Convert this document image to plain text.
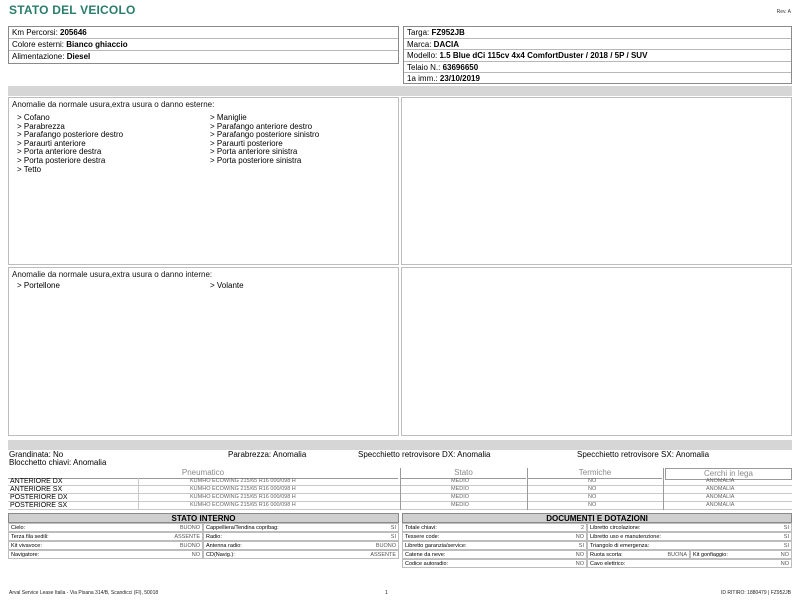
STATO DEL VEICOLO	Rev. A
Km Percorsi: 205646
Colore esterni: Bianco ghiaccio
Alimentazione: Diesel
Targa: FZ952JB
Marca: DACIA
Modello: 1.5 Blue dCi 115cv 4x4 ComfortDuster / 2018 / 5P / SUV
Telaio N.: 63696650
1a imm.: 23/10/2019
Anomalie da normale usura,extra usura o danno esterne:
> Cofano
> Parabrezza
> Parafango posteriore destro
> Paraurti anteriore
> Porta anteriore destra
> Porta posteriore destra
> Tetto
> Maniglie
> Parafango anteriore destro
> Parafango posteriore sinistro
> Paraurti posteriore
> Porta anteriore sinistra
> Porta posteriore sinistra
Anomalie da normale usura,extra usura o danno interne:
> Portellone	> Volante
Grandinata: No	Parabrezza: Anomalia	Specchietto retrovisore DX: Anomalia	Specchietto retrovisore SX: Anomalia
Blocchetto chiavi: Anomalia
Pneumatico	Stato	Termiche	Cerchi in lega
ANTERIORE DX	KUMHO ECOWING 215/65 R16 000/098 H	MEDIO	NO	ANOMALIA
ANTERIORE SX	KUMHO ECOWING 215/65 R16 000/098 H	MEDIO	NO	ANOMALIA
POSTERIORE DX	KUMHO ECOWING 215/65 R16 000/098 H	MEDIO	NO	ANOMALIA
POSTERIORE SX	KUMHO ECOWING 215/65 R16 000/098 H	MEDIO	NO	ANOMALIA
STATO INTERNO
Cielo:	BUONO	Cappelliera/Tendina copribag:	SI
Terza fila sedili:	ASSENTE	Radio:	SI
Kit vivavoce:	BUONO	Antenna radio:	BUONO
Navigatore:	NO	CD(Navig.):	ASSENTE
DOCUMENTI E DOTAZIONI
Totale chiavi:	2	Libretto circolazione:	SI
Tessere code:	NO	Libretto uso e manutenzione:	SI
Libretto garanzia/service:	SI	Triangolo di emergenza:	SI
Catene da neve:	NO	Ruota scorta:	BUONA	Kit gonfiaggio:	NO
Codice autoradio:	NO	Cavo elettrico:	NO
Arval Service Lease Italia - Via Pisana 314/B, Scandicci (FI), 50018	1	ID RITIRO: 1880479 | FZ952JB
